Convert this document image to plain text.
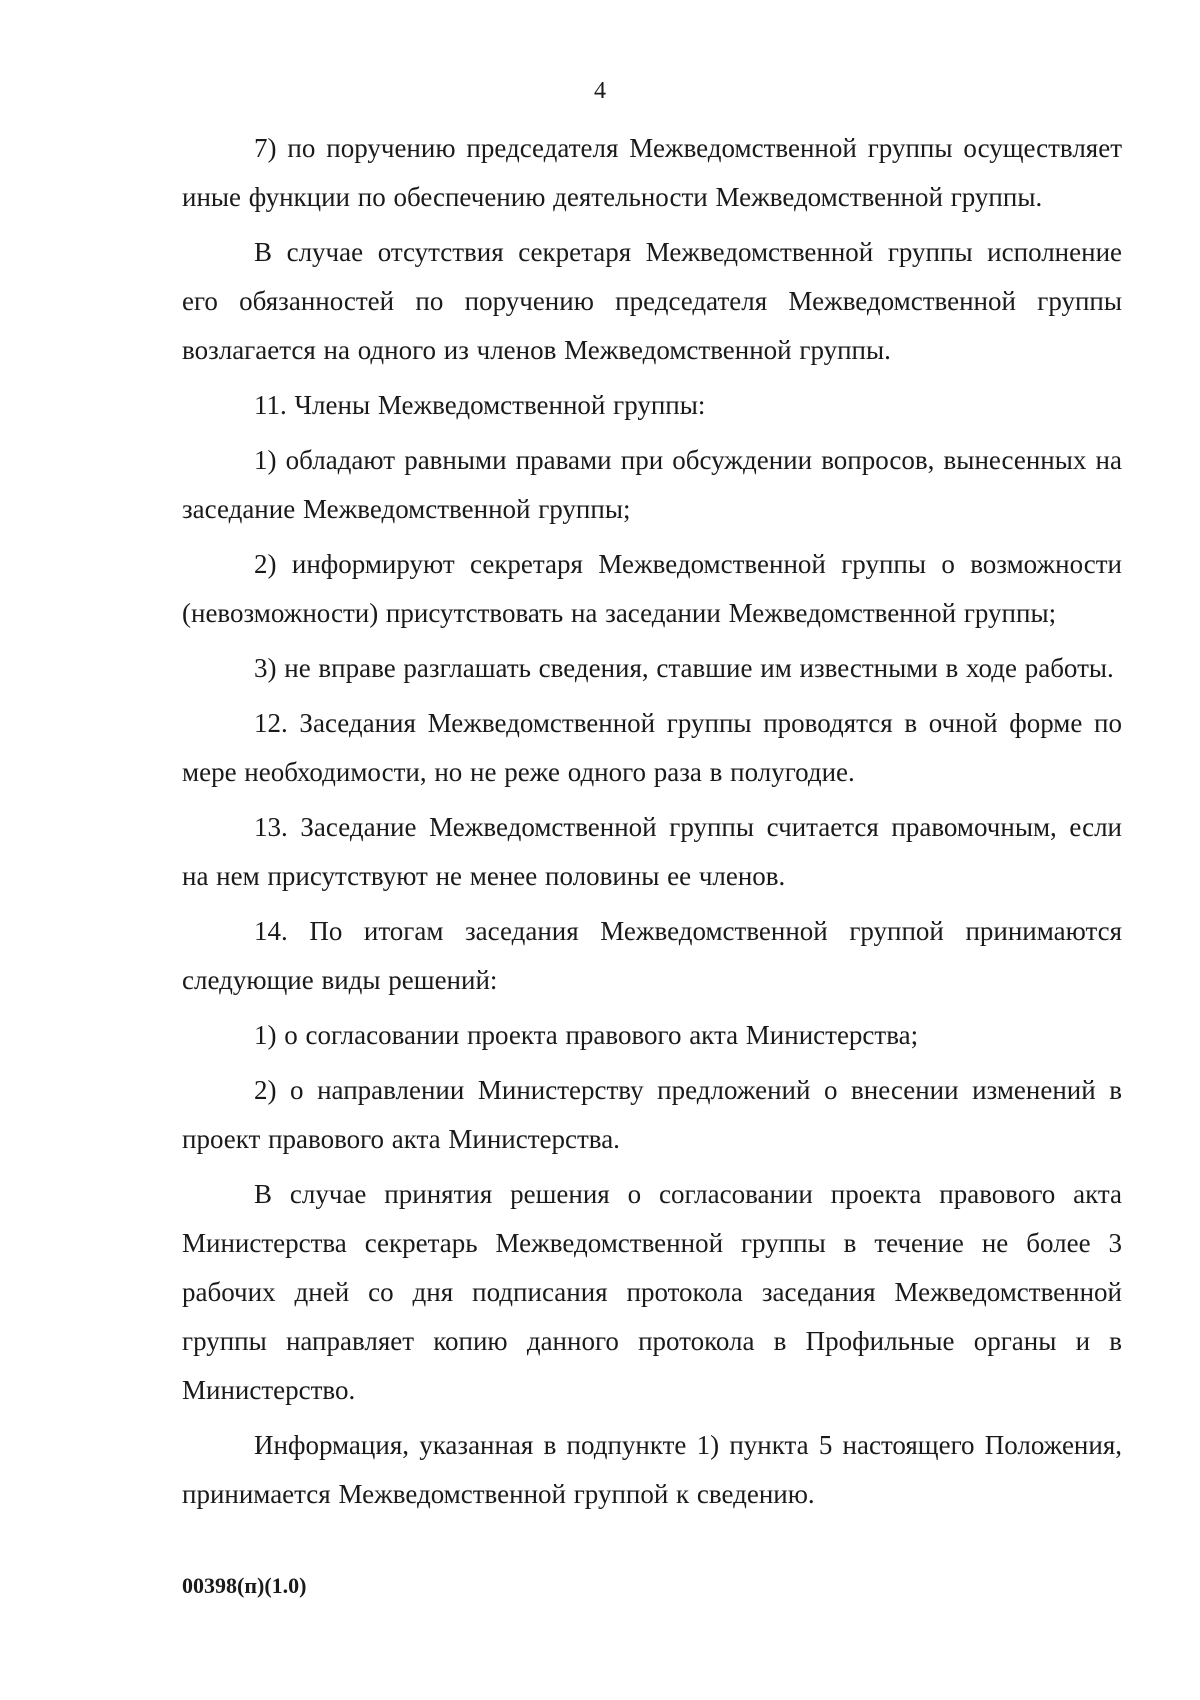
4

7) по поручению председателя Межведомственной группы осуществляет иные функции по обеспечению деятельности Межведомственной группы.

В случае отсутствия секретаря Межведомственной группы исполнение его обязанностей по поручению председателя Межведомственной группы возлагается на одного из членов Межведомственной группы.

11. Члены Межведомственной группы:

1) обладают равными правами при обсуждении вопросов, вынесенных на заседание Межведомственной группы;

2) информируют секретаря Межведомственной группы о возможности (невозможности) присутствовать на заседании Межведомственной группы;

3) не вправе разглашать сведения, ставшие им известными в ходе работы.

12. Заседания Межведомственной группы проводятся в очной форме по мере необходимости, но не реже одного раза в полугодие.

13. Заседание Межведомственной группы считается правомочным, если на нем присутствуют не менее половины ее членов.

14. По итогам заседания Межведомственной группой принимаются следующие виды решений:

1) о согласовании проекта правового акта Министерства;

2) о направлении Министерству предложений о внесении изменений в проект правового акта Министерства.

В случае принятия решения о согласовании проекта правового акта Министерства секретарь Межведомственной группы в течение не более 3 рабочих дней со дня подписания протокола заседания Межведомственной группы направляет копию данного протокола в Профильные органы и в Министерство.

Информация, указанная в подпункте 1) пункта 5 настоящего Положения, принимается Межведомственной группой к сведению.

00398(п)(1.0)
